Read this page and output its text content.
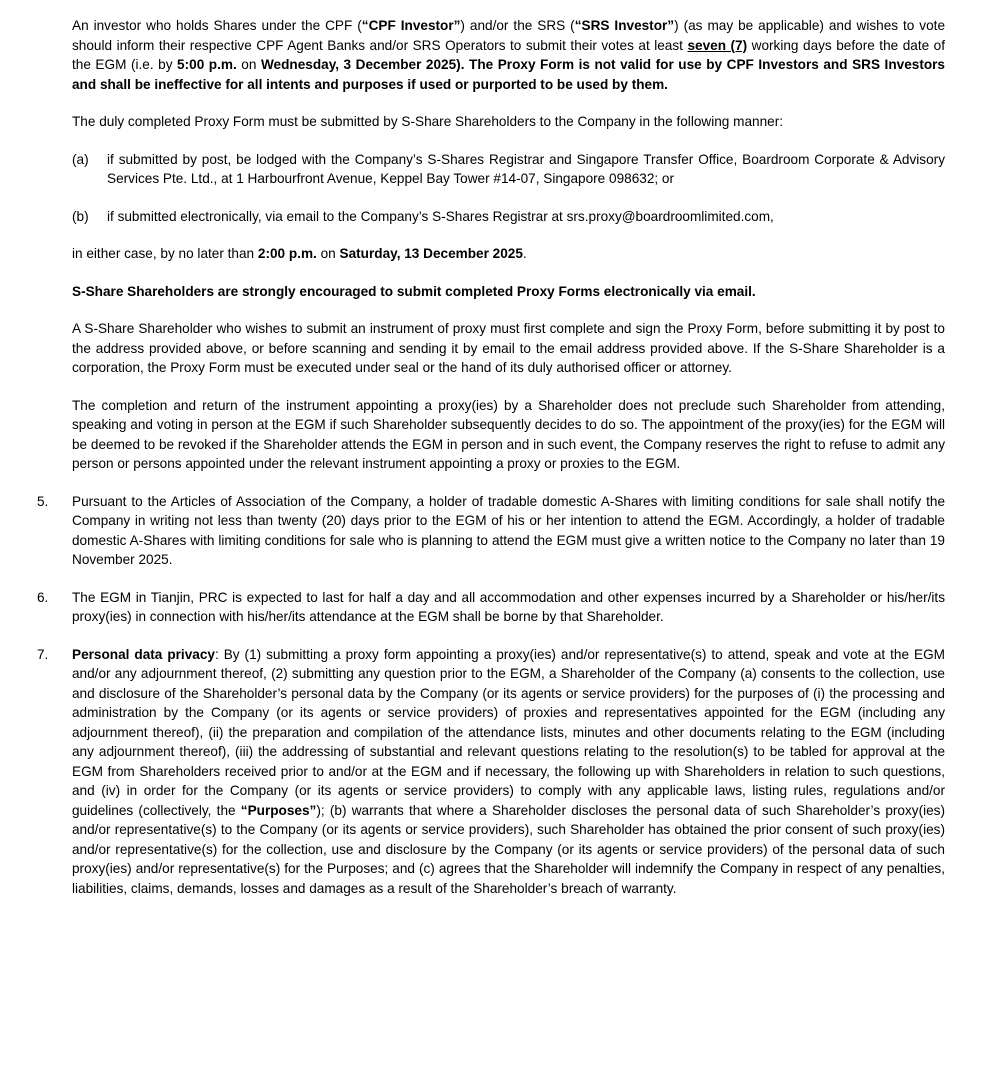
An investor who holds Shares under the CPF (“CPF Investor”) and/or the SRS (“SRS Investor”) (as may be applicable) and wishes to vote should inform their respective CPF Agent Banks and/or SRS Operators to submit their votes at least seven (7) working days before the date of the EGM (i.e. by 5:00 p.m. on Wednesday, 3 December 2025). The Proxy Form is not valid for use by CPF Investors and SRS Investors and shall be ineffective for all intents and purposes if used or purported to be used by them.

The duly completed Proxy Form must be submitted by S-Share Shareholders to the Company in the following manner:

(a)	if submitted by post, be lodged with the Company’s S-Shares Registrar and Singapore Transfer Office, Boardroom Corporate & Advisory Services Pte. Ltd., at 1 Harbourfront Avenue, Keppel Bay Tower #14-07, Singapore 098632; or

(b)	if submitted electronically, via email to the Company’s S-Shares Registrar at srs.proxy@boardroomlimited.com,

in either case, by no later than 2:00 p.m. on Saturday, 13 December 2025.

S-Share Shareholders are strongly encouraged to submit completed Proxy Forms electronically via email.

A S-Share Shareholder who wishes to submit an instrument of proxy must first complete and sign the Proxy Form, before submitting it by post to the address provided above, or before scanning and sending it by email to the email address provided above. If the S-Share Shareholder is a corporation, the Proxy Form must be executed under seal or the hand of its duly authorised officer or attorney.

The completion and return of the instrument appointing a proxy(ies) by a Shareholder does not preclude such Shareholder from attending, speaking and voting in person at the EGM if such Shareholder subsequently decides to do so. The appointment of the proxy(ies) for the EGM will be deemed to be revoked if the Shareholder attends the EGM in person and in such event, the Company reserves the right to refuse to admit any person or persons appointed under the relevant instrument appointing a proxy or proxies to the EGM.

5.	Pursuant to the Articles of Association of the Company, a holder of tradable domestic A-Shares with limiting conditions for sale shall notify the Company in writing not less than twenty (20) days prior to the EGM of his or her intention to attend the EGM. Accordingly, a holder of tradable domestic A-Shares with limiting conditions for sale who is planning to attend the EGM must give a written notice to the Company no later than 19 November 2025.

6.	The EGM in Tianjin, PRC is expected to last for half a day and all accommodation and other expenses incurred by a Shareholder or his/her/its proxy(ies) in connection with his/her/its attendance at the EGM shall be borne by that Shareholder.

7.	Personal data privacy: By (1) submitting a proxy form appointing a proxy(ies) and/or representative(s) to attend, speak and vote at the EGM and/or any adjournment thereof, (2) submitting any question prior to the EGM, a Shareholder of the Company (a) consents to the collection, use and disclosure of the Shareholder’s personal data by the Company (or its agents or service providers) for the purposes of (i) the processing and administration by the Company (or its agents or service providers) of proxies and representatives appointed for the EGM (including any adjournment thereof), (ii) the preparation and compilation of the attendance lists, minutes and other documents relating to the EGM (including any adjournment thereof), (iii) the addressing of substantial and relevant questions relating to the resolution(s) to be tabled for approval at the EGM from Shareholders received prior to and/or at the EGM and if necessary, the following up with Shareholders in relation to such questions, and (iv) in order for the Company (or its agents or service providers) to comply with any applicable laws, listing rules, regulations and/or guidelines (collectively, the “Purposes”); (b) warrants that where a Shareholder discloses the personal data of such Shareholder’s proxy(ies) and/or representative(s) to the Company (or its agents or service providers), such Shareholder has obtained the prior consent of such proxy(ies) and/or representative(s) for the collection, use and disclosure by the Company (or its agents or service providers) of the personal data of such proxy(ies) and/or representative(s) for the Purposes; and (c) agrees that the Shareholder will indemnify the Company in respect of any penalties, liabilities, claims, demands, losses and damages as a result of the Shareholder’s breach of warranty.
